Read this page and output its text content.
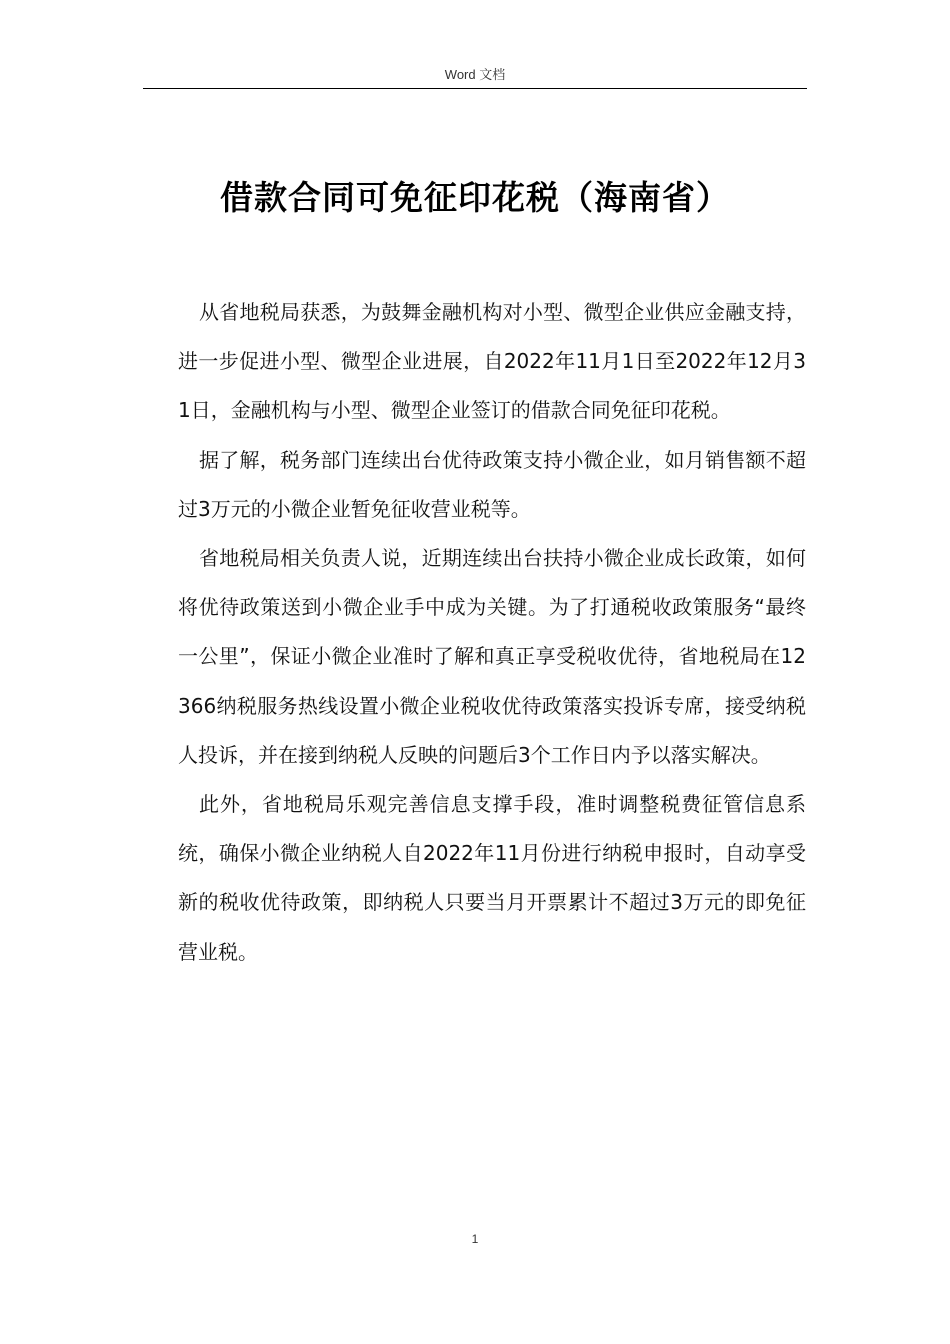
Word 文档
借款合同可免征印花税（海南省）

从省地税局获悉，为鼓舞金融机构对小型、微型企业供应金融支持，进一步促进小型、微型企业进展，自2022年11月1日至2022年12月31日，金融机构与小型、微型企业签订的借款合同免征印花税。

据了解，税务部门连续出台优待政策支持小微企业，如月销售额不超过3万元的小微企业暂免征收营业税等。

省地税局相关负责人说，近期连续出台扶持小微企业成长政策，如何将优待政策送到小微企业手中成为关键。为了打通税收政策服务“最终一公里”，保证小微企业准时了解和真正享受税收优待，省地税局在12366纳税服务热线设置小微企业税收优待政策落实投诉专席，接受纳税人投诉，并在接到纳税人反映的问题后3个工作日内予以落实解决。

此外，省地税局乐观完善信息支撑手段，准时调整税费征管信息系统，确保小微企业纳税人自2022年11月份进行纳税申报时，自动享受新的税收优待政策，即纳税人只要当月开票累计不超过3万元的即免征营业税。

1
